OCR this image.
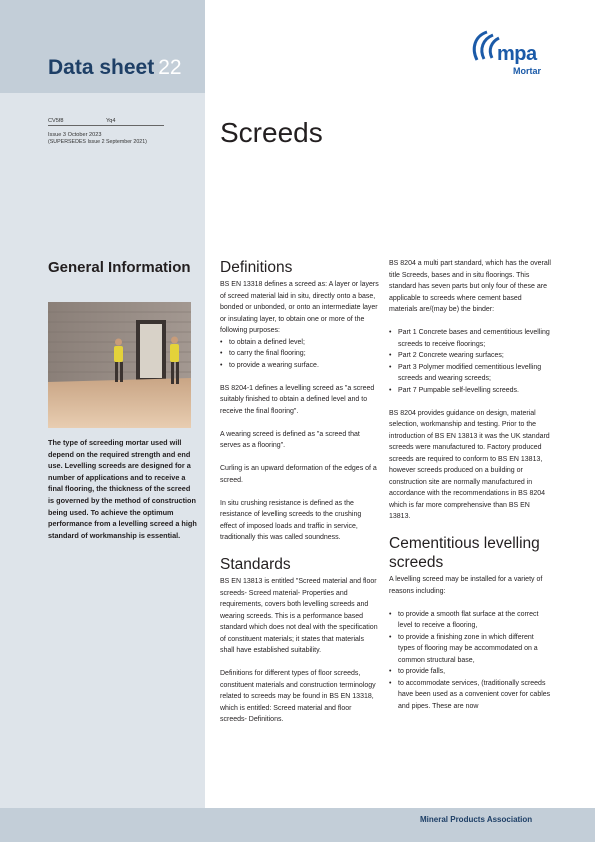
Data sheet 22
mpa
Mortar
CV5f8	Yq4
Issue 3 October 2023
(SUPERSEDES Issue 2 September 2021)	Screeds
General Information
The type of screeding mortar used will depend on the required strength and end use. Levelling screeds are designed for a number of applications and to receive a final flooring, the thickness of the screed is governed by the method of construction being used. To achieve the optimum performance from a levelling screed a high standard of workmanship is essential.
Definitions

BS EN 13318 defines a screed as: A layer or layers of screed material laid in situ, directly onto a base, bonded or unbonded, or onto an intermediate layer or insulating layer, to obtain one or more of the following purposes:

• to obtain a defined level;
• to carry the final flooring;
• to provide a wearing surface.

BS 8204-1 defines a levelling screed as "a screed suitably finished to obtain a defined level and to receive the final flooring".

A wearing screed is defined as "a screed that serves as a flooring".

Curling is an upward deformation of the edges of a screed.

In situ crushing resistance is defined as the resistance of levelling screeds to the crushing effect of imposed loads and traffic in service, traditionally this was called soundness.

Standards

BS EN 13813 is entitled "Screed material and floor screeds- Screed material- Properties and requirements, covers both levelling screeds and wearing screeds. This is a performance based standard which does not deal with the specification of constituent materials; it states that materials shall have established suitability.

Definitions for different types of floor screeds, constituent materials and construction terminology related to screeds may be found in BS EN 13318, which is entitled: Screed material and floor screeds- Definitions.

BS 8204 a multi part standard, which has the overall title Screeds, bases and in situ floorings. This standard has seven parts but only four of these are applicable to screeds where cement based materials are/(may be) the binder:

• Part 1 Concrete bases and cementitious levelling screeds to receive floorings;
• Part 2 Concrete wearing surfaces;
• Part 3 Polymer modified cementitious levelling screeds and wearing screeds;
• Part 7 Pumpable self-levelling screeds.

BS 8204 provides guidance on design, material selection, workmanship and testing. Prior to the introduction of BS EN 13813 it was the UK standard screeds were manufactured to. Factory produced screeds are required to conform to BS EN 13813, however screeds produced on a building or construction site are normally manufactured in accordance with the recommendations in BS 8204 which is far more comprehensive than BS EN 13813.

Cementitious levelling screeds

A levelling screed may be installed for a variety of reasons including:

• to provide a smooth flat surface at the correct level to receive a flooring,
• to provide a finishing zone in which different types of flooring may be accommodated on a common structural base,
• to provide falls,
• to accommodate services, (traditionally screeds have been used as a convenient cover for cables and pipes. These are now
Mineral Products Association
